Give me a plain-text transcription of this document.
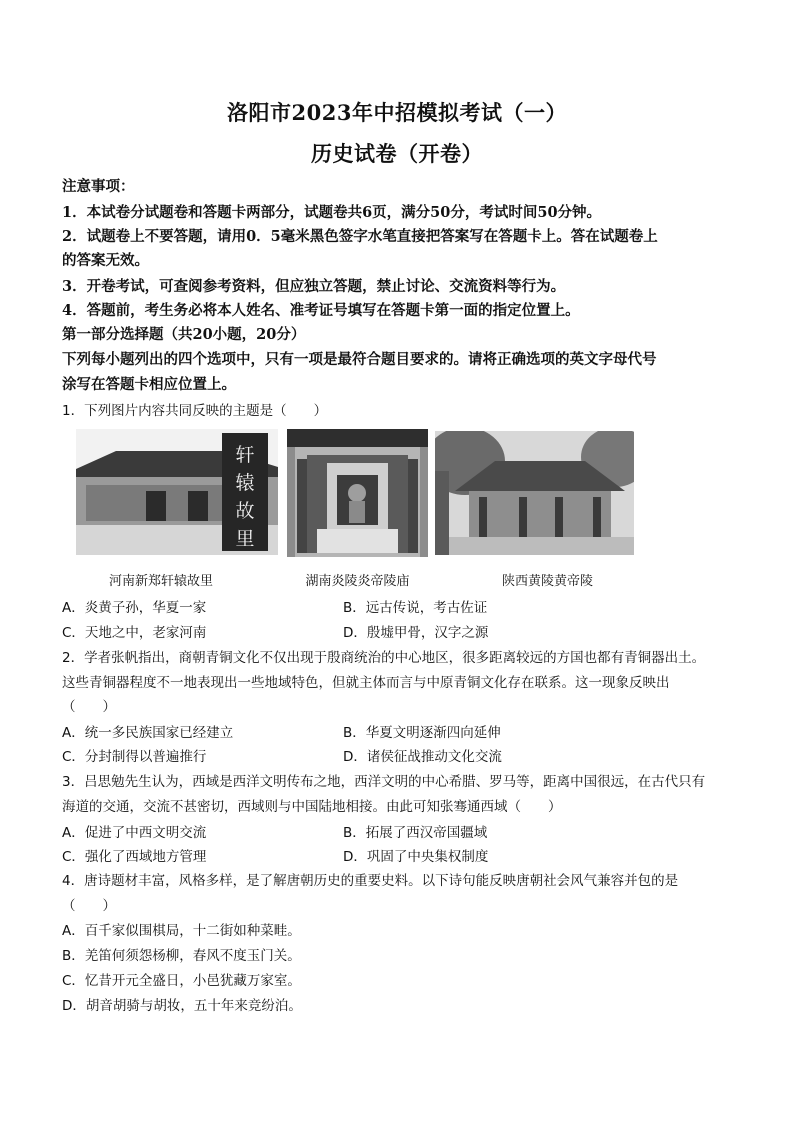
洛阳市2023年中招模拟考试（一）
历史试卷（开卷）
注意事项：
1．本试卷分试题卷和答题卡两部分，试题卷共6页，满分50分，考试时间50分钟。
2．试题卷上不要答题，请用0．5毫米黑色签字水笔直接把答案写在答题卡上。答在试题卷上
的答案无效。
3．开卷考试，可查阅参考资料，但应独立答题，禁止讨论、交流资料等行为。
4．答题前，考生务必将本人姓名、准考证号填写在答题卡第一面的指定位置上。
第一部分选择题（共20小题，20分）
下列每小题列出的四个选项中，只有一项是最符合题目要求的。请将正确选项的英文字母代号
涂写在答题卡相应位置上。
1．下列图片内容共同反映的主题是（　　）
轩
辕
故
里
河南新郑轩辕故里	湖南炎陵炎帝陵庙	陕西黄陵黄帝陵
A．炎黄子孙，华夏一家	B．远古传说，考古佐证
C．天地之中，老家河南	D．殷墟甲骨，汉字之源
2．学者张帆指出，商朝青铜文化不仅出现于殷商统治的中心地区，很多距离较远的方国也都有青铜器出土。
这些青铜器程度不一地表现出一些地域特色，但就主体而言与中原青铜文化存在联系。这一现象反映出
（　　）
A．统一多民族国家已经建立	B．华夏文明逐渐四向延伸
C．分封制得以普遍推行	D．诸侯征战推动文化交流
3．吕思勉先生认为，西域是西洋文明传布之地，西洋文明的中心希腊、罗马等，距离中国很远，在古代只有
海道的交通，交流不甚密切，西域则与中国陆地相接。由此可知张骞通西域（　　）
A．促进了中西文明交流	B．拓展了西汉帝国疆域
C．强化了西域地方管理	D．巩固了中央集权制度
4．唐诗题材丰富，风格多样，是了解唐朝历史的重要史料。以下诗句能反映唐朝社会风气兼容并包的是
（　　）
A．百千家似围棋局，十二街如种菜畦。
B．羌笛何须怨杨柳，春风不度玉门关。
C．忆昔开元全盛日，小邑犹藏万家室。
D．胡音胡骑与胡妆，五十年来竞纷泊。
